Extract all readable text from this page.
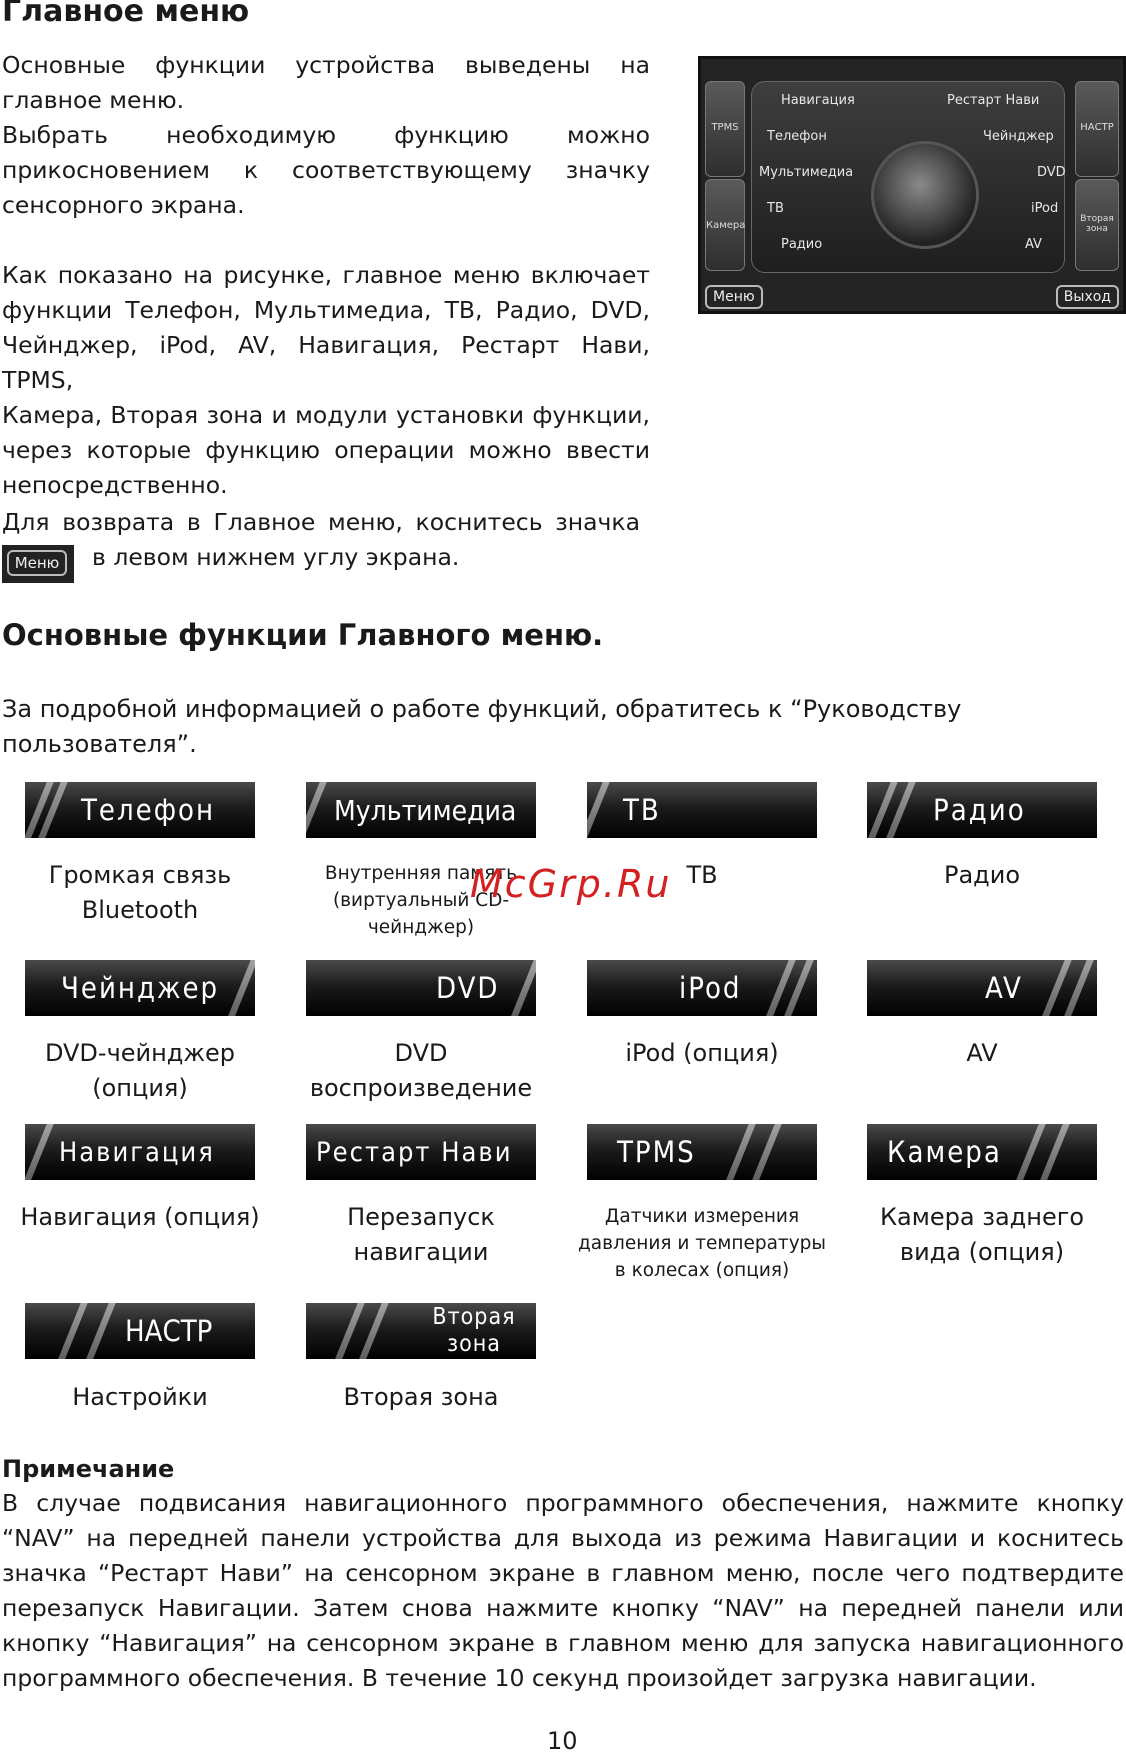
Главное меню
Основные функции устройства выведены на
главное меню.
Выбрать необходимую функцию можно
прикосновением к соответствующему значку
сенсорного экрана.
Как показано на рисунке, главное меню включает
функции Телефон, Мультимедиа, ТВ, Радио, DVD,
Чейнджер, iPod, AV, Навигация, Рестарт Нави, TPMS,
Камера, Вторая зона и модули установки функции,
через которые функцию операции можно ввести
непосредственно.
Для возврата в Главное меню, коснитесь значка
Меню	в левом нижнем углу экрана.
TPMS
Камера
НАСТР
Вторая зона
Навигация	Рестарт Нави
Телефон	Чейнджер
Мультимедиа	DVD
ТВ	iPod
Радио	AV
Меню	Выход
Основные функции Главного меню.
За подробной информацией о работе функций, обратитесь к “Руководству
пользователя”.
Телефон
Громкая связь
Bluetooth
Мультимедиа
Внутренняя память
(виртуальный CD-
чейнджер)
ТВ
ТВ
Радио
Радио
McGrp.Ru
Чейнджер
DVD-чейнджер
(опция)
DVD
DVD
воспроизведение
iPod
iPod (опция)
AV
AV
Навигация
Навигация (опция)
Рестарт Нави
Перезапуск
навигации
TPMS
Датчики измерения
давления и температуры
в колесах (опция)
Камера
Камера заднего
вида (опция)
НАСТР
Настройки
Вторая зона
Вторая зона
Примечание
В случае подвисания навигационного программного обеспечения, нажмите кнопку
“NAV” на передней панели устройства для выхода из режима Навигации и коснитесь
значка “Рестарт Нави” на сенсорном экране в главном меню, после чего подтвердите
перезапуск Навигации. Затем снова нажмите кнопку “NAV” на передней панели или
кнопку “Навигация” на сенсорном экране в главном меню для запуска навигационного
программного обеспечения. В течение 10 секунд произойдет загрузка навигации.
10
